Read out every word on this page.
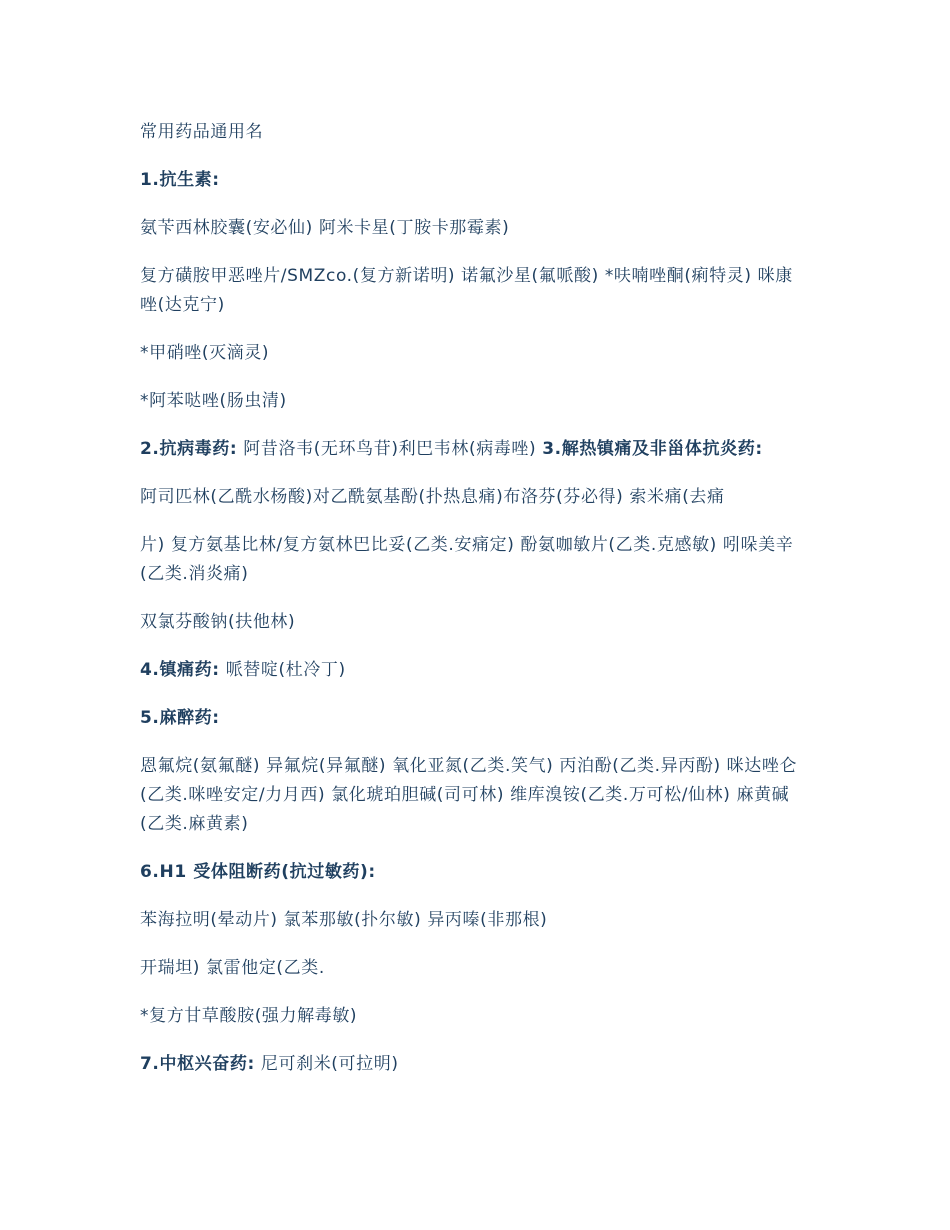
常用药品通用名

1.抗生素:

氨苄西林胶囊(安必仙) 阿米卡星(丁胺卡那霉素)

复方磺胺甲恶唑片/SMZco.(复方新诺明) 诺氟沙星(氟哌酸) *呋喃唑酮(痢特灵) 咪康唑(达克宁)

*甲硝唑(灭滴灵)

*阿苯哒唑(肠虫清)

2.抗病毒药: 阿昔洛韦(无环鸟苷)利巴韦林(病毒唑) 3.解热镇痛及非甾体抗炎药:

阿司匹林(乙酰水杨酸)对乙酰氨基酚(扑热息痛)布洛芬(芬必得) 索米痛(去痛

片) 复方氨基比林/复方氨林巴比妥(乙类.安痛定) 酚氨咖敏片(乙类.克感敏) 吲哚美辛(乙类.消炎痛)

双氯芬酸钠(扶他林)

4.镇痛药: 哌替啶(杜冷丁)

5.麻醉药:

恩氟烷(氨氟醚) 异氟烷(异氟醚) 氧化亚氮(乙类.笑气) 丙泊酚(乙类.异丙酚) 咪达唑仑(乙类.咪唑安定/力月西) 氯化琥珀胆碱(司可林) 维库溴铵(乙类.万可松/仙林) 麻黄碱(乙类.麻黄素)

6.H1 受体阻断药(抗过敏药):

苯海拉明(晕动片) 氯苯那敏(扑尔敏) 异丙嗪(非那根)

开瑞坦) 氯雷他定(乙类.

*复方甘草酸胺(强力解毒敏)

7.中枢兴奋药: 尼可刹米(可拉明)
